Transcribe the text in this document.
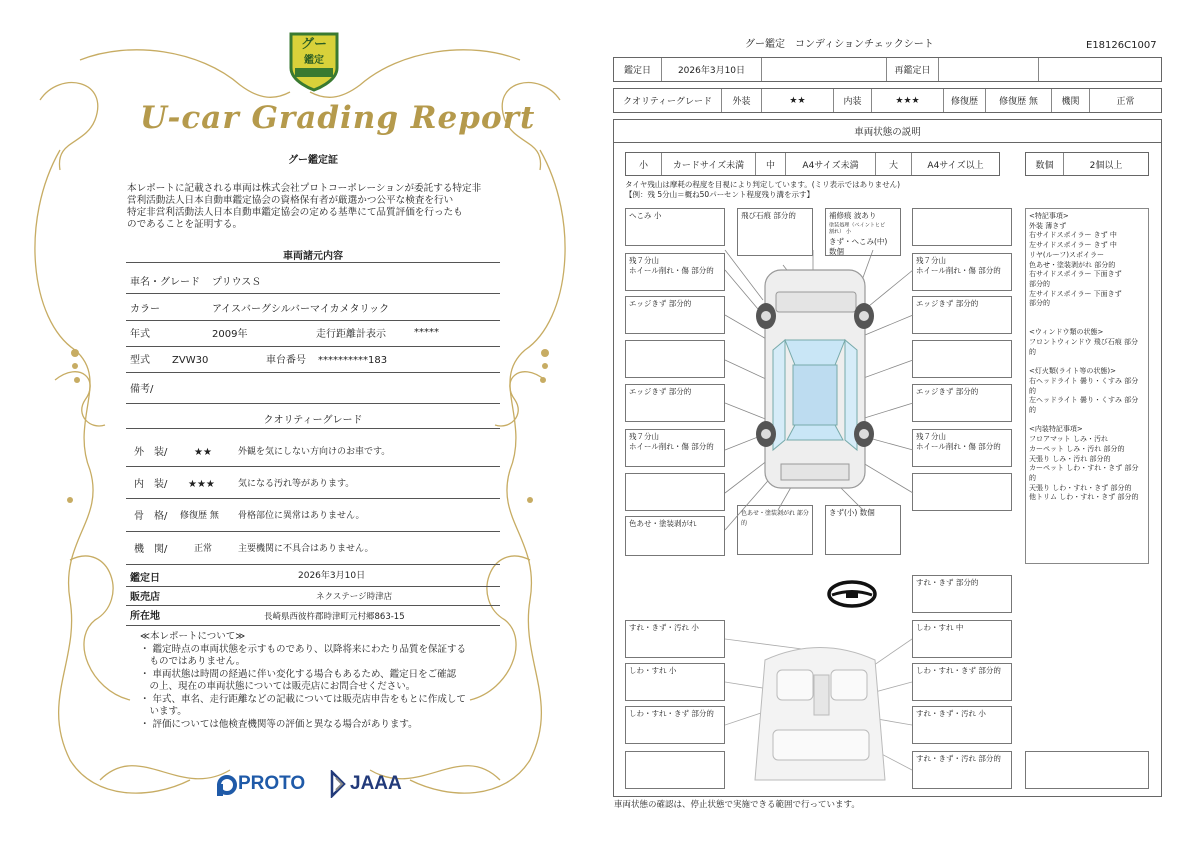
グー
鑑定
U-car Grading Report
グー鑑定証
本レポートに記載される車両は株式会社プロトコーポレーションが委託する特定非
営利活動法人日本自動車鑑定協会の資格保有者が厳選かつ公平な検査を行い
特定非営利活動法人日本自動車鑑定協会の定める基準にて品質評価を行ったも
のであることを証明する。
車両諸元内容
車名・グレード プリウスＳ
カラー	アイスバーグシルバーマイカメタリック
年式	2009年	走行距離計表示	*****
型式 ZVW30	車台番号 **********183
備考/
クオリティーグレード
外　装/	★★	外観を気にしない方向けのお車です。
内　装/ ★★★	気になる汚れ等があります。
骨　格/ 修復歴 無 骨格部位に異常はありません。
機　関/	正常	主要機関に不具合はありません。
鑑定日	2026年3月10日
販売店	ネクステージ時津店
所在地	長崎県西彼杵郡時津町元村郷863-15
≪本レポートについて≫
・ 鑑定時点の車両状態を示すものであり、以降将来にわたり品質を保証する
　ものではありません。
・ 車両状態は時間の経過に伴い変化する場合もあるため、鑑定日をご確認
　の上、現在の車両状態については販売店にお問合せください。
・ 年式、車名、走行距離などの記載については販売店申告をもとに作成して
　います。
・ 評価については他検査機関等の評価と異なる場合があります。
PROTO JAAA
グー鑑定　コンディションチェックシート	E18126C1007
鑑定日	2026年3月10日	再鑑定日
クオリティーグレード	外装	★★	内装	★★★	修復歴	修復歴 無	機関	正常
車両状態の説明
小	カードサイズ未満	中	A4サイズ未満	大	A4サイズ以上	数個	2個以上
タイヤ残山は摩耗の程度を目視により判定しています。(ミリ表示ではありません)
【例：残 5分山＝概ね50パーセント程度残り溝を示す】
へこみ 小	飛び石痕 部分的	補修痕 波あり
塗装処理（ペイントヒビ割れ） 小
きず・へこみ(中) 数個
残７分山
ホイール削れ・傷 部分的
残７分山
ホイール削れ・傷 部分的
エッジきず 部分的	エッジきず 部分的
エッジきず 部分的	エッジきず 部分的
残７分山
ホイール削れ・傷 部分的
残７分山
ホイール削れ・傷 部分的
色あせ・塗装剥がれ
色あせ・塗装剥がれ 部分的
きず(小) 数個
<特記事項>
外装 薄きず
右サイドスポイラー きず 中
左サイドスポイラー きず 中
リヤ(ルーフ)スポイラー
色あせ・塗装剥がれ 部分的
右サイドスポイラー 下面きず
部分的
左サイドスポイラー 下面きず
部分的
<ウィンドウ類の状態>
フロントウィンドウ 飛び石痕 部分的
<灯火類(ライト等の状態)>
右ヘッドライト 曇り・くすみ 部分的
左ヘッドライト 曇り・くすみ 部分的
<内装特記事項>
フロアマット しみ・汚れ
カーペット しみ・汚れ 部分的
天張り しみ・汚れ 部分的
カーペット しわ・すれ・きず 部分的
天張り しわ・すれ・きず 部分的
他トリム しわ・すれ・きず 部分的
すれ・きず 部分的
すれ・きず・汚れ 小	しわ・すれ 中
しわ・すれ 小	しわ・すれ・きず 部分的
しわ・すれ・きず 部分的	すれ・きず・汚れ 小
すれ・きず・汚れ 部分的
車両状態の確認は、停止状態で実施できる範囲で行っています。
